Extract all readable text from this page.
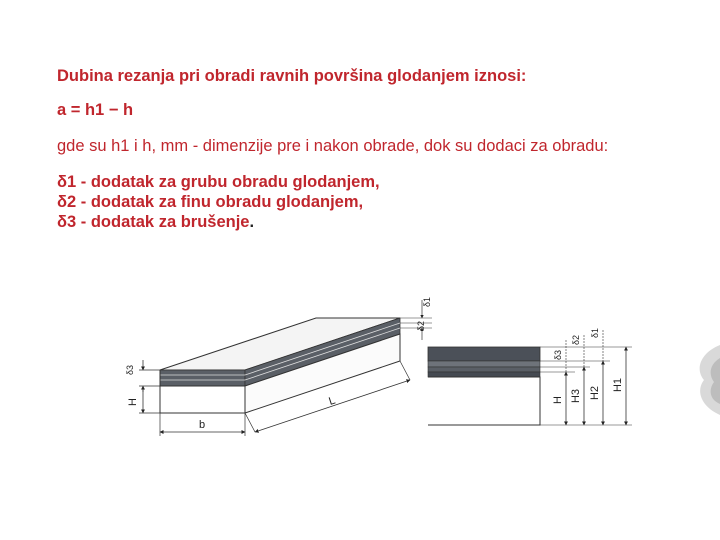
Dubina rezanja pri obradi ravnih površina glodanjem iznosi:

a = h1 − h

gde su h1 i h, mm - dimenzije pre i nakon obrade, dok su dodaci za obradu:

δ1 - dodatak za grubu obradu glodanjem,

δ2 - dodatak za finu obradu glodanjem,

δ3 - dodatak za brušenje.

H
δ3
b
L
δ1
δ2
H H3 H2
H1
δ3
δ2
δ1
